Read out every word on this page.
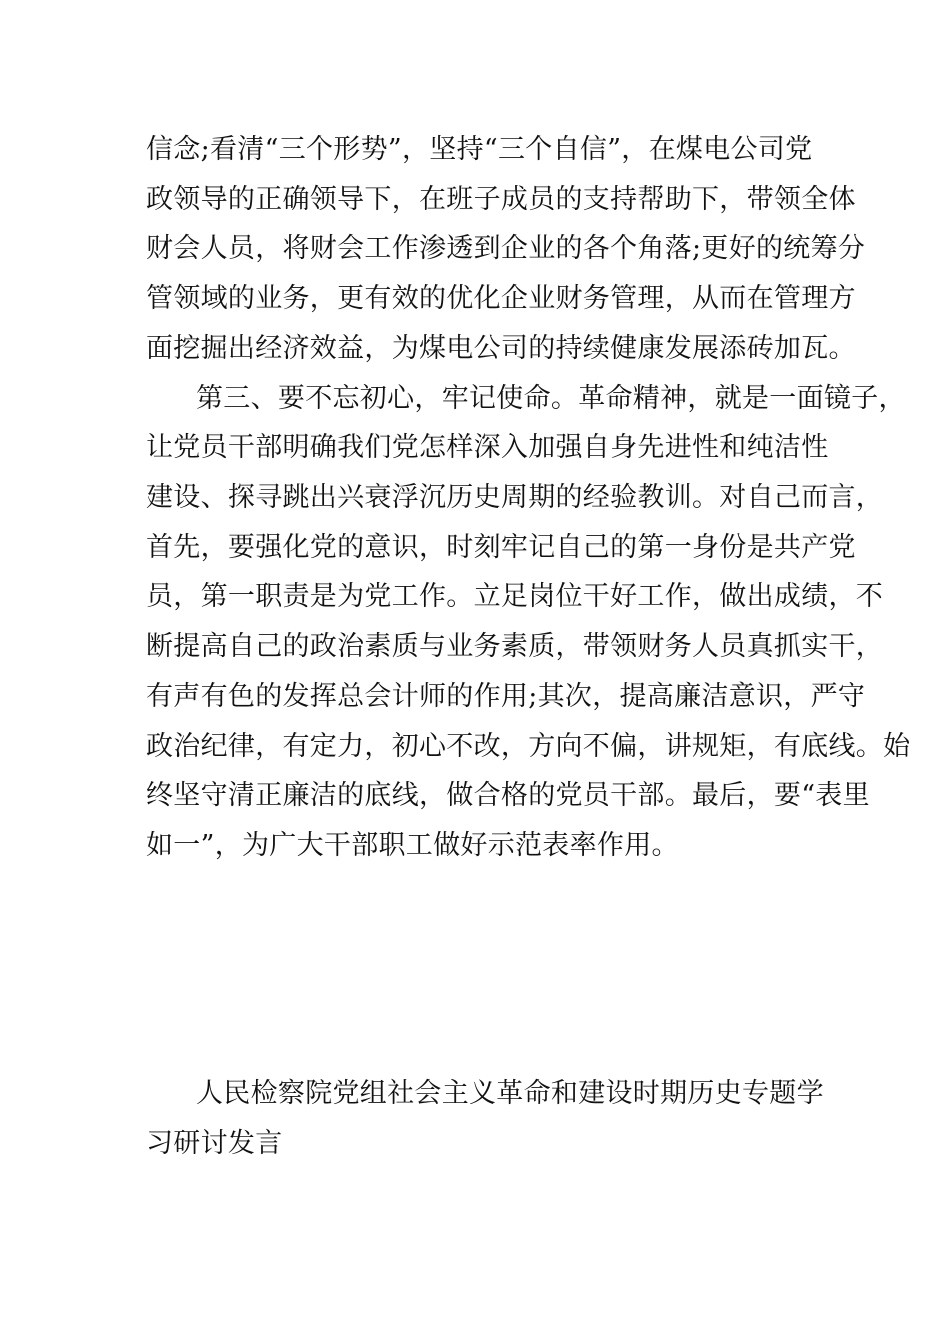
信念;看清“三个形势”，坚持“三个自信”，在煤电公司党
政领导的正确领导下，在班子成员的支持帮助下，带领全体
财会人员，将财会工作渗透到企业的各个角落;更好的统筹分
管领域的业务，更有效的优化企业财务管理，从而在管理方
面挖掘出经济效益，为煤电公司的持续健康发展添砖加瓦。
第三、要不忘初心，牢记使命。革命精神，就是一面镜子，
让党员干部明确我们党怎样深入加强自身先进性和纯洁性
建设、探寻跳出兴衰浮沉历史周期的经验教训。对自己而言，
首先，要强化党的意识，时刻牢记自己的第一身份是共产党
员，第一职责是为党工作。立足岗位干好工作，做出成绩，不
断提高自己的政治素质与业务素质，带领财务人员真抓实干，
有声有色的发挥总会计师的作用;其次，提高廉洁意识，严守
政治纪律，有定力，初心不改，方向不偏，讲规矩，有底线。始
终坚守清正廉洁的底线，做合格的党员干部。最后，要“表里
如一”，为广大干部职工做好示范表率作用。
人民检察院党组社会主义革命和建设时期历史专题学
习研讨发言
